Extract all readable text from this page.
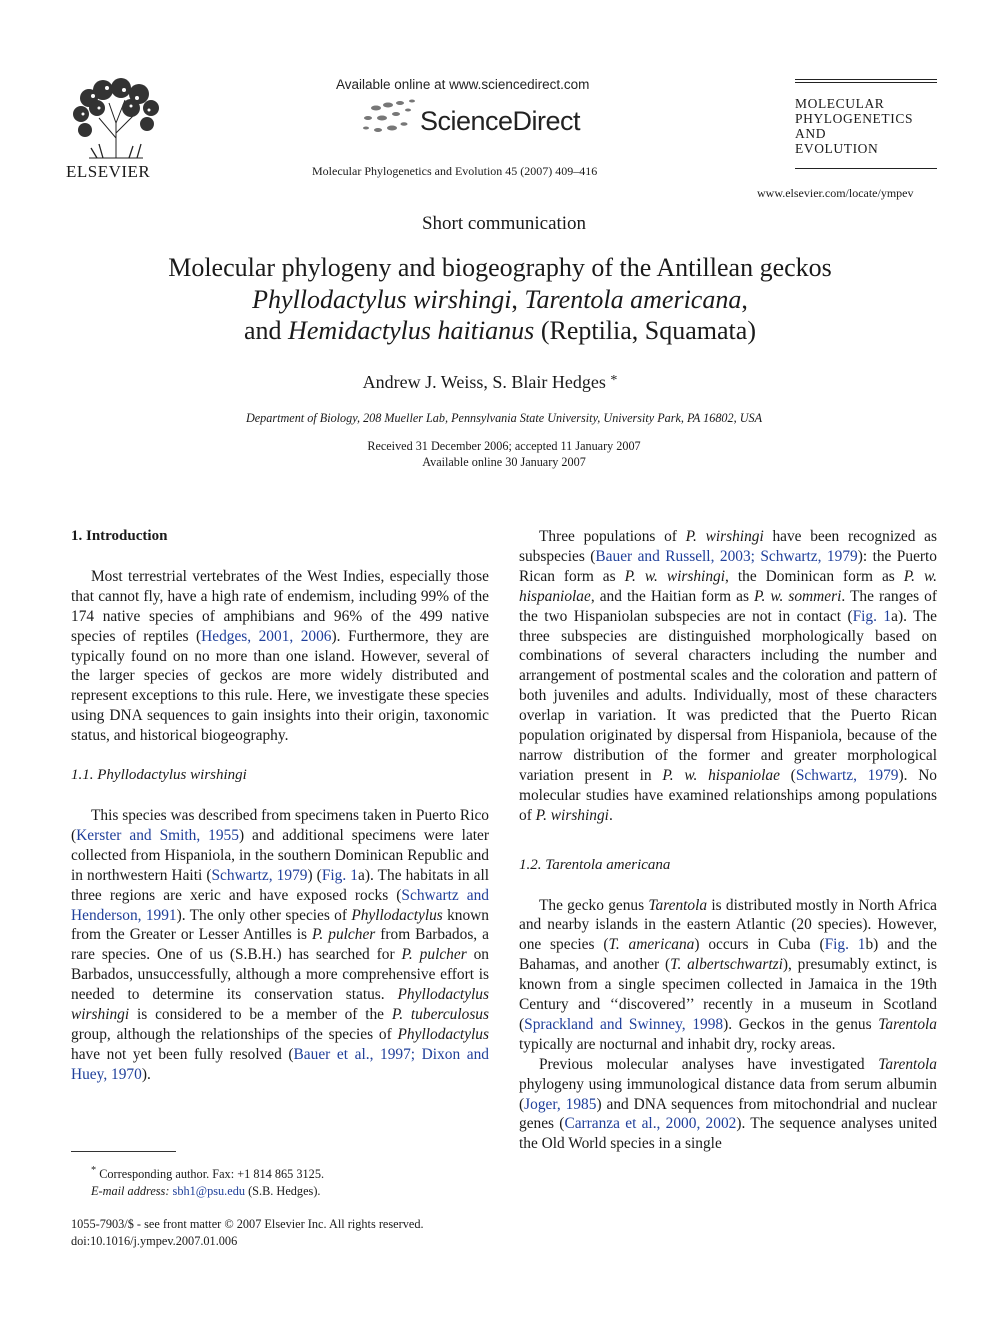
ELSEVIER
Available online at www.sciencedirect.com
ScienceDirect
Molecular Phylogenetics and Evolution 45 (2007) 409–416
MOLECULAR
PHYLOGENETICS
AND
EVOLUTION
www.elsevier.com/locate/ympev
Short communication
Molecular phylogeny and biogeography of the Antillean geckos
Phyllodactylus wirshingi, Tarentola americana,
and Hemidactylus haitianus (Reptilia, Squamata)
Andrew J. Weiss, S. Blair Hedges *
Department of Biology, 208 Mueller Lab, Pennsylvania State University, University Park, PA 16802, USA
Received 31 December 2006; accepted 11 January 2007
Available online 30 January 2007
1. Introduction

Most terrestrial vertebrates of the West Indies, especially those that cannot fly, have a high rate of endemism, including 99% of the 174 native species of amphibians and 96% of the 499 native species of reptiles (Hedges, 2001, 2006). Furthermore, they are typically found on no more than one island. However, several of the larger species of geckos are more widely distributed and represent exceptions to this rule. Here, we investigate these species using DNA sequences to gain insights into their origin, taxonomic status, and historical biogeography.

1.1. Phyllodactylus wirshingi

This species was described from specimens taken in Puerto Rico (Kerster and Smith, 1955) and additional specimens were later collected from Hispaniola, in the southern Dominican Republic and in northwestern Haiti (Schwartz, 1979) (Fig. 1a). The habitats in all three regions are xeric and have exposed rocks (Schwartz and Henderson, 1991). The only other species of Phyllodactylus known from the Greater or Lesser Antilles is P. pulcher from Barbados, a rare species. One of us (S.B.H.) has searched for P. pulcher on Barbados, unsuccessfully, although a more comprehensive effort is needed to determine its conservation status. Phyllodactylus wirshingi is considered to be a member of the P. tuberculosus group, although the relationships of the species of Phyllodactylus have not yet been fully resolved (Bauer et al., 1997; Dixon and Huey, 1970).

* Corresponding author. Fax: +1 814 865 3125.
E-mail address: sbh1@psu.edu (S.B. Hedges).
1055-7903/$ - see front matter © 2007 Elsevier Inc. All rights reserved.
doi:10.1016/j.ympev.2007.01.006

Three populations of P. wirshingi have been recognized as subspecies (Bauer and Russell, 2003; Schwartz, 1979): the Puerto Rican form as P. w. wirshingi, the Dominican form as P. w. hispaniolae, and the Haitian form as P. w. sommeri. The ranges of the two Hispaniolan subspecies are not in contact (Fig. 1a). The three subspecies are distinguished morphologically based on combinations of several characters including the number and arrangement of postmental scales and the coloration and pattern of both juveniles and adults. Individually, most of these characters overlap in variation. It was predicted that the Puerto Rican population originated by dispersal from Hispaniola, because of the narrow distribution of the former and greater morphological variation present in P. w. hispaniolae (Schwartz, 1979). No molecular studies have examined relationships among populations of P. wirshingi.

1.2. Tarentola americana

The gecko genus Tarentola is distributed mostly in North Africa and nearby islands in the eastern Atlantic (20 species). However, one species (T. americana) occurs in Cuba (Fig. 1b) and the Bahamas, and another (T. albertschwartzi), presumably extinct, is known from a single specimen collected in Jamaica in the 19th Century and ‘‘discovered’’ recently in a museum in Scotland (Sprackland and Swinney, 1998). Geckos in the genus Tarentola typically are nocturnal and inhabit dry, rocky areas.

Previous molecular analyses have investigated Tarentola phylogeny using immunological distance data from serum albumin (Joger, 1985) and DNA sequences from mitochondrial and nuclear genes (Carranza et al., 2000, 2002). The sequence analyses united the Old World species in a single
